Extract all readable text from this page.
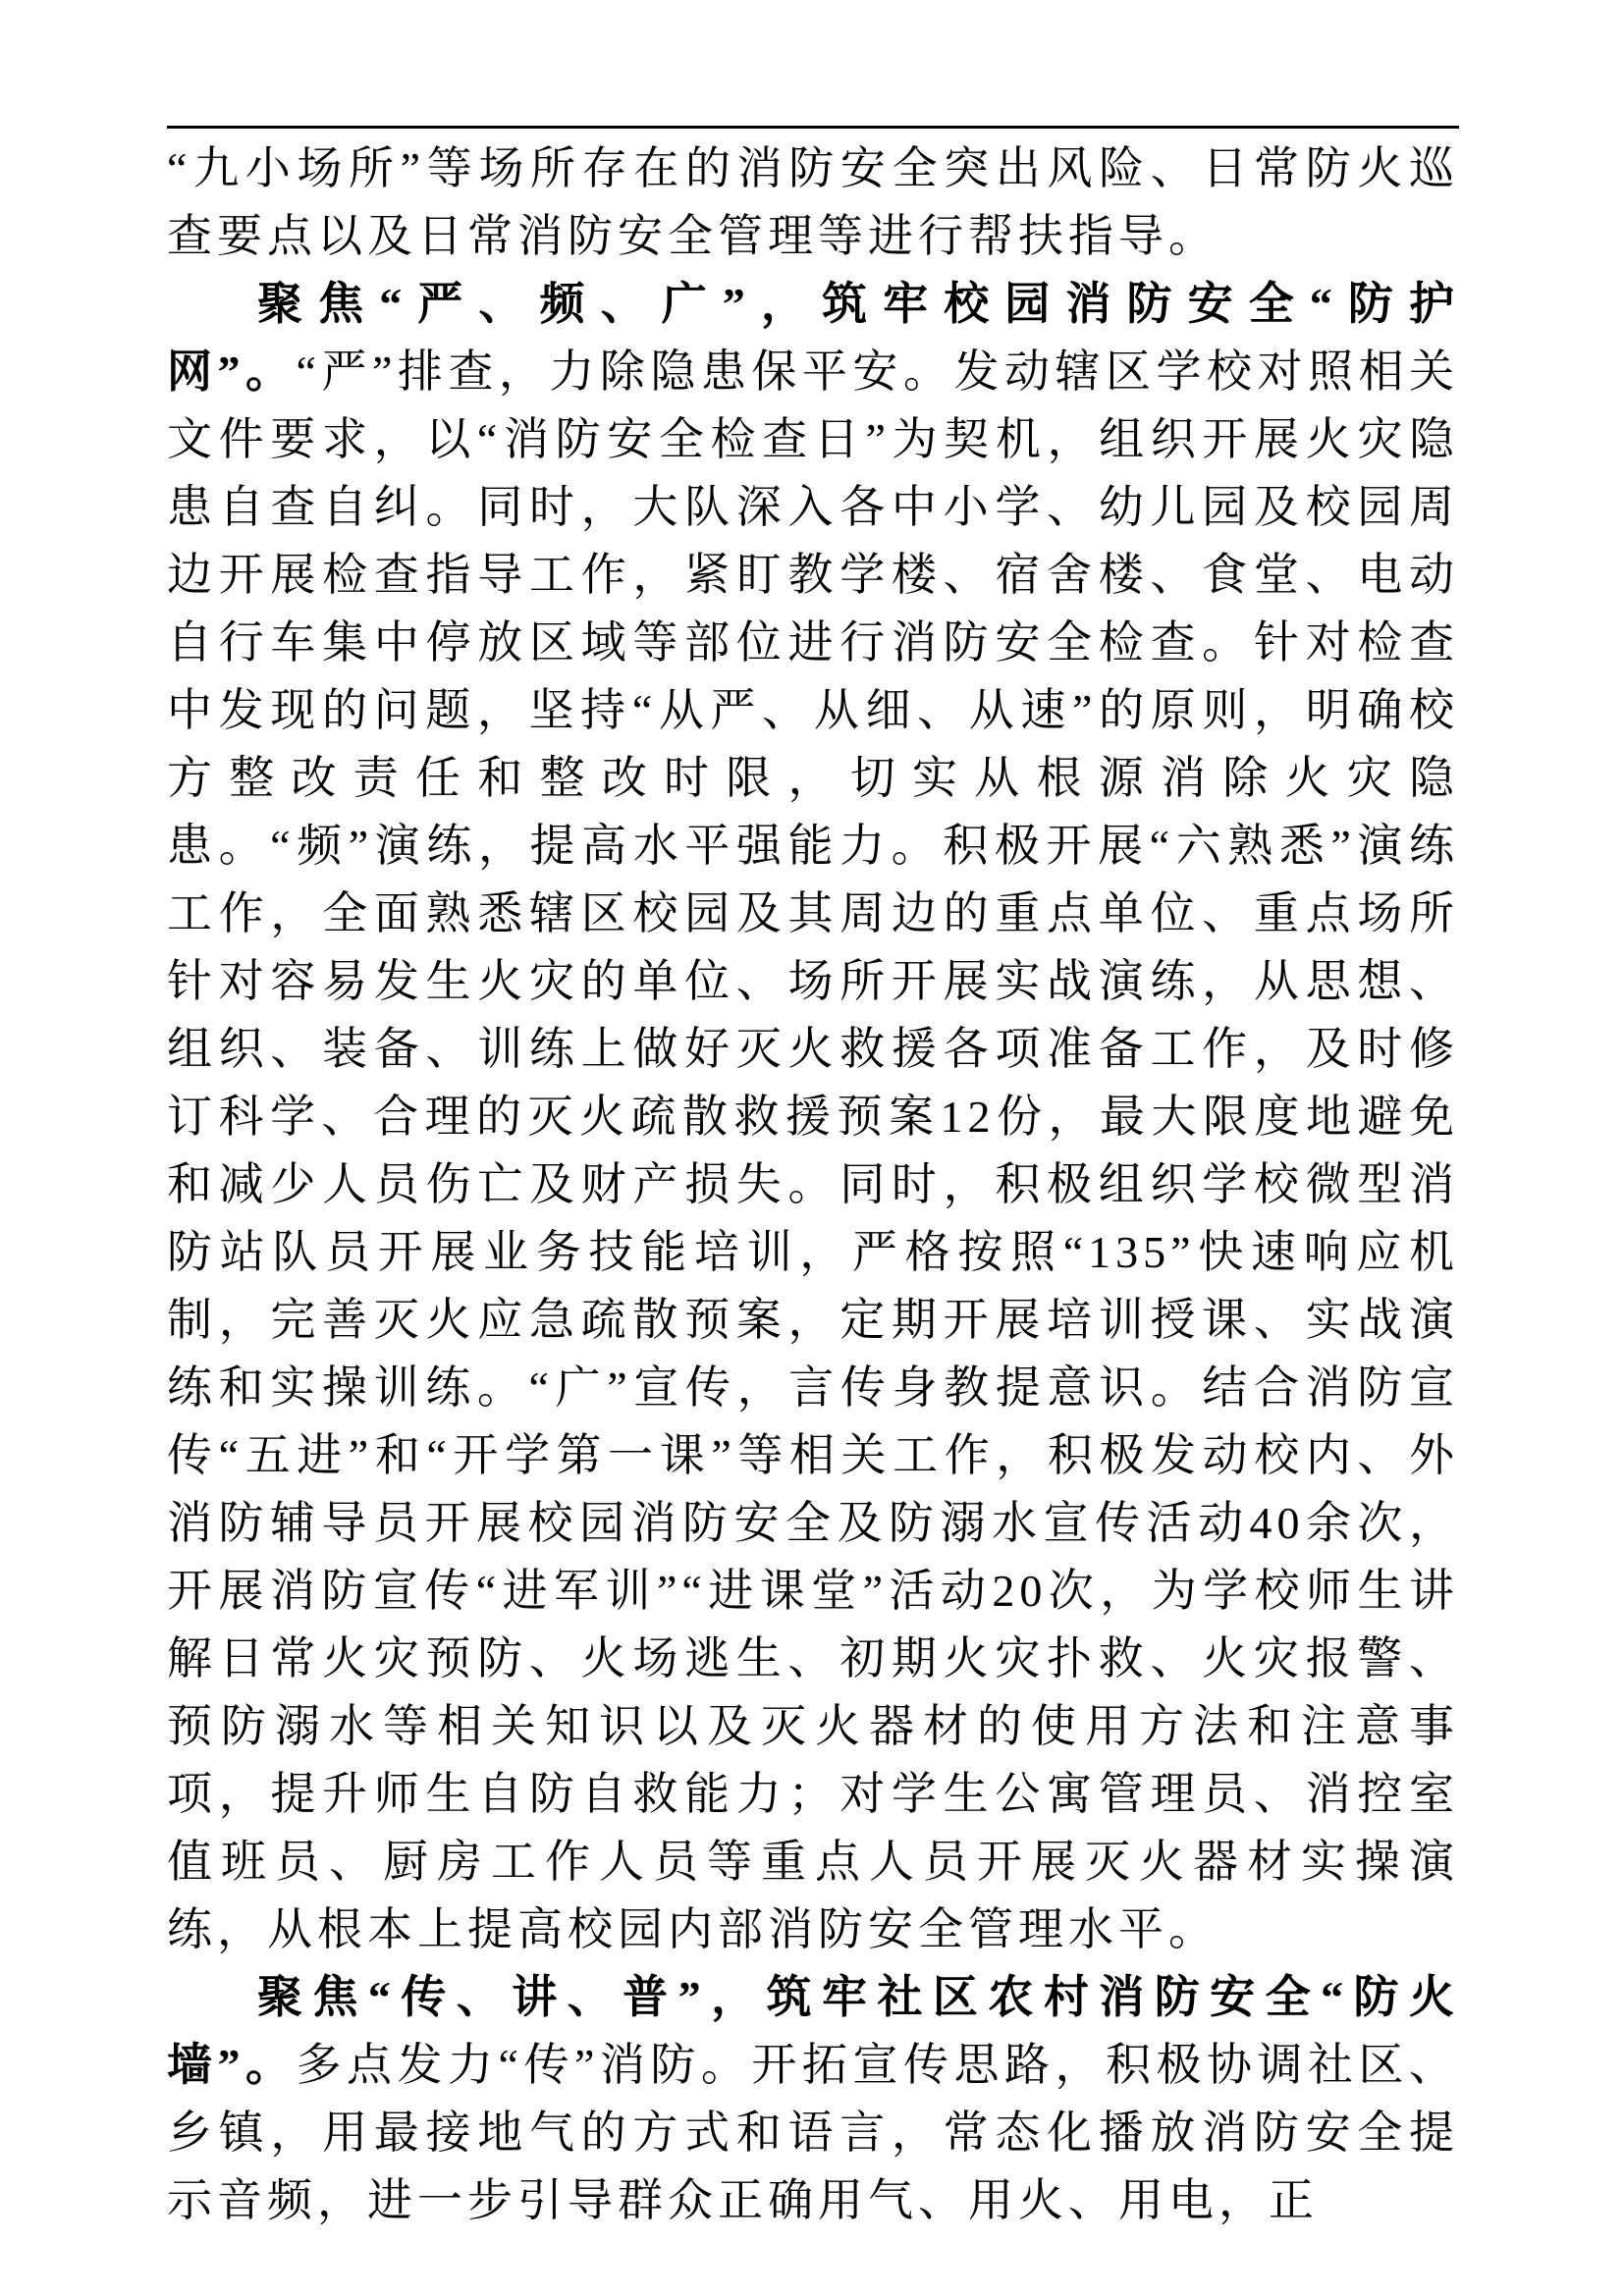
“九小场所”等场所存在的消防安全突出风险、日常防火巡查要点以及日常消防安全管理等进行帮扶指导。

聚焦“严、频、广”，筑牢校园消防安全“防护网”。“严”排查，力除隐患保平安。发动辖区学校对照相关文件要求，以“消防安全检查日”为契机，组织开展火灾隐患自查自纠。同时，大队深入各中小学、幼儿园及校园周边开展检查指导工作，紧盯教学楼、宿舍楼、食堂、电动自行车集中停放区域等部位进行消防安全检查。针对检查中发现的问题，坚持“从严、从细、从速”的原则，明确校方整改责任和整改时限，切实从根源消除火灾隐患。“频”演练，提高水平强能力。积极开展“六熟悉”演练工作，全面熟悉辖区校园及其周边的重点单位、重点场所针对容易发生火灾的单位、场所开展实战演练，从思想、组织、装备、训练上做好灭火救援各项准备工作，及时修订科学、合理的灭火疏散救援预案12份，最大限度地避免和减少人员伤亡及财产损失。同时，积极组织学校微型消防站队员开展业务技能培训，严格按照“135”快速响应机制，完善灭火应急疏散预案，定期开展培训授课、实战演练和实操训练。“广”宣传，言传身教提意识。结合消防宣传“五进”和“开学第一课”等相关工作，积极发动校内、外消防辅导员开展校园消防安全及防溺水宣传活动40余次，开展消防宣传“进军训”“进课堂”活动20次，为学校师生讲解日常火灾预防、火场逃生、初期火灾扑救、火灾报警、预防溺水等相关知识以及灭火器材的使用方法和注意事项，提升师生自防自救能力；对学生公寓管理员、消控室值班员、厨房工作人员等重点人员开展灭火器材实操演练，从根本上提高校园内部消防安全管理水平。

聚焦“传、讲、普”，筑牢社区农村消防安全“防火墙”。多点发力“传”消防。开拓宣传思路，积极协调社区、乡镇，用最接地气的方式和语言，常态化播放消防安全提示音频，进一步引导群众正确用气、用火、用电，正
